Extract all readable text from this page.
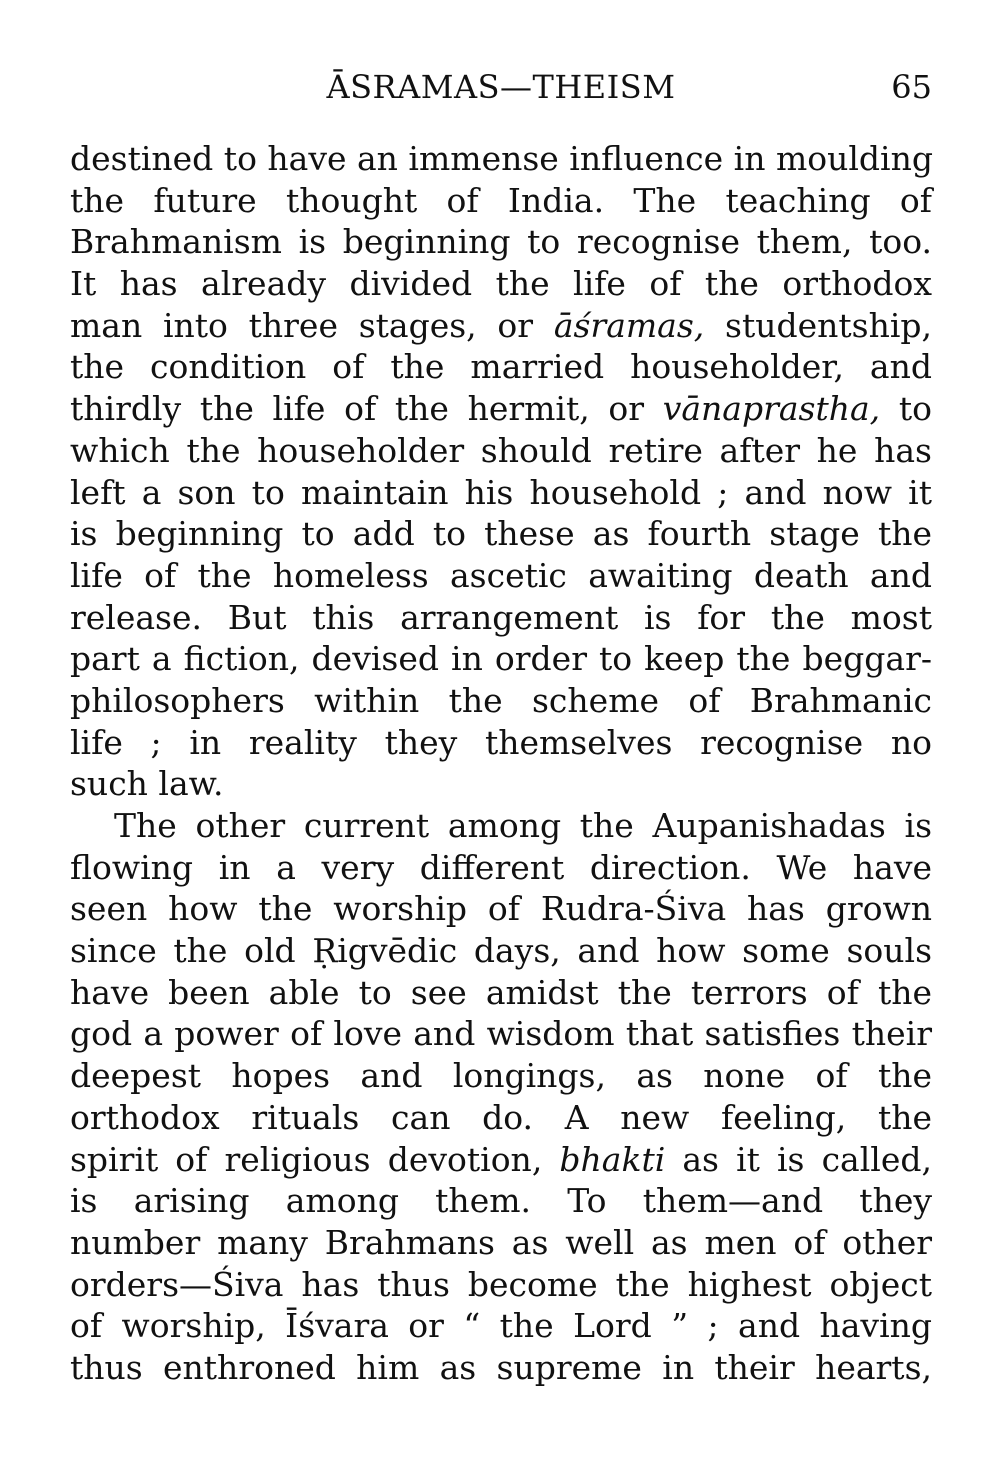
ĀSRAMAS—THEISM	65
destined to have an immense influence in moulding
the future thought of India. The teaching of
Brahmanism is beginning to recognise them, too.
It has already divided the life of the orthodox
man into three stages, or āśramas, studentship,
the condition of the married householder, and
thirdly the life of the hermit, or vānaprastha, to
which the householder should retire after he has
left a son to maintain his household ; and now it
is beginning to add to these as fourth stage the
life of the homeless ascetic awaiting death and
release. But this arrangement is for the most
part a fiction, devised in order to keep the beggar-
philosophers within the scheme of Brahmanic
life ; in reality they themselves recognise no
such law.
The other current among the Aupanishadas is
flowing in a very different direction. We have
seen how the worship of Rudra-Śiva has grown
since the old Ṛigvēdic days, and how some souls
have been able to see amidst the terrors of the
god a power of love and wisdom that satisfies their
deepest hopes and longings, as none of the
orthodox rituals can do. A new feeling, the
spirit of religious devotion, bhakti as it is called,
is arising among them. To them—and they
number many Brahmans as well as men of other
orders—Śiva has thus become the highest object
of worship, Īśvara or “ the Lord ” ; and having
thus enthroned him as supreme in their hearts,
